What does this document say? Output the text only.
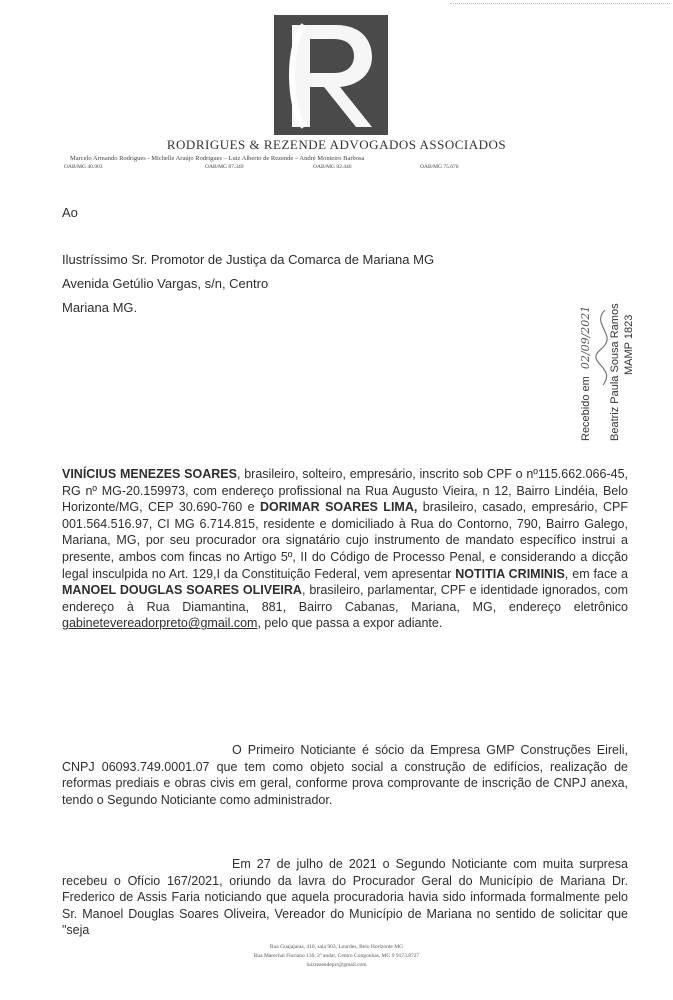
RODRIGUES & REZENDE ADVOGADOS ASSOCIADOS
Marcelo Armando Rodrigues - Michelle Araújo Rodrigues – Luiz Alberto de Rezende – André Monteiro Barbosa
OAB/MG 40.903	OAB/MG 87.349	OAB/MG 82.446	OAB/MG 75.670
Ao
Ilustríssimo Sr. Promotor de Justiça da Comarca de Mariana MG
Avenida Getúlio Vargas, s/n, Centro
Mariana MG.
Recebido em 02/09/2021 Beatriz Paula Sousa Ramos MAMP 1823
VINÍCIUS MENEZES SOARES, brasileiro, solteiro, empresário, inscrito sob CPF o nº115.662.066-45, RG nº MG-20.159973, com endereço profissional na Rua Augusto Vieira, n 12, Bairro Lindéia, Belo Horizonte/MG, CEP 30.690-760 e DORIMAR SOARES LIMA, brasileiro, casado, empresário, CPF 001.564.516.97, CI MG 6.714.815, residente e domiciliado à Rua do Contorno, 790, Bairro Galego, Mariana, MG, por seu procurador ora signatário cujo instrumento de mandato específico instrui a presente, ambos com fincas no Artigo 5º, II do Código de Processo Penal, e considerando a dicção legal insculpida no Art. 129,I da Constituição Federal, vem apresentar NOTITIA CRIMINIS, em face a MANOEL DOUGLAS SOARES OLIVEIRA, brasileiro, parlamentar, CPF e identidade ignorados, com endereço à Rua Diamantina, 881, Bairro Cabanas, Mariana, MG, endereço eletrônico gabinetevereadorpreto@gmail.com, pelo que passa a expor adiante.
O Primeiro Noticiante é sócio da Empresa GMP Construções Eireli, CNPJ 06093.749.0001.07 que tem como objeto social a construção de edifícios, realização de reformas prediais e obras civis em geral, conforme prova comprovante de inscrição de CNPJ anexa, tendo o Segundo Noticiante como administrador.
Em 27 de julho de 2021 o Segundo Noticiante com muita surpresa recebeu o Ofício 167/2021, oriundo da lavra do Procurador Geral do Município de Mariana Dr. Frederico de Assis Faria noticiando que aquela procuradoria havia sido informada formalmente pelo Sr. Manoel Douglas Soares Oliveira, Vereador do Município de Mariana no sentido de solicitar que "seja
Rua Guajajaras, 410, sala 903, Lourdes, Belo Horizonte MG
Rua Marechal Floriano 130, 2º andar, Centro Congonhas, MG 9 9173.8727
luizrezendeprr@gmail.com
